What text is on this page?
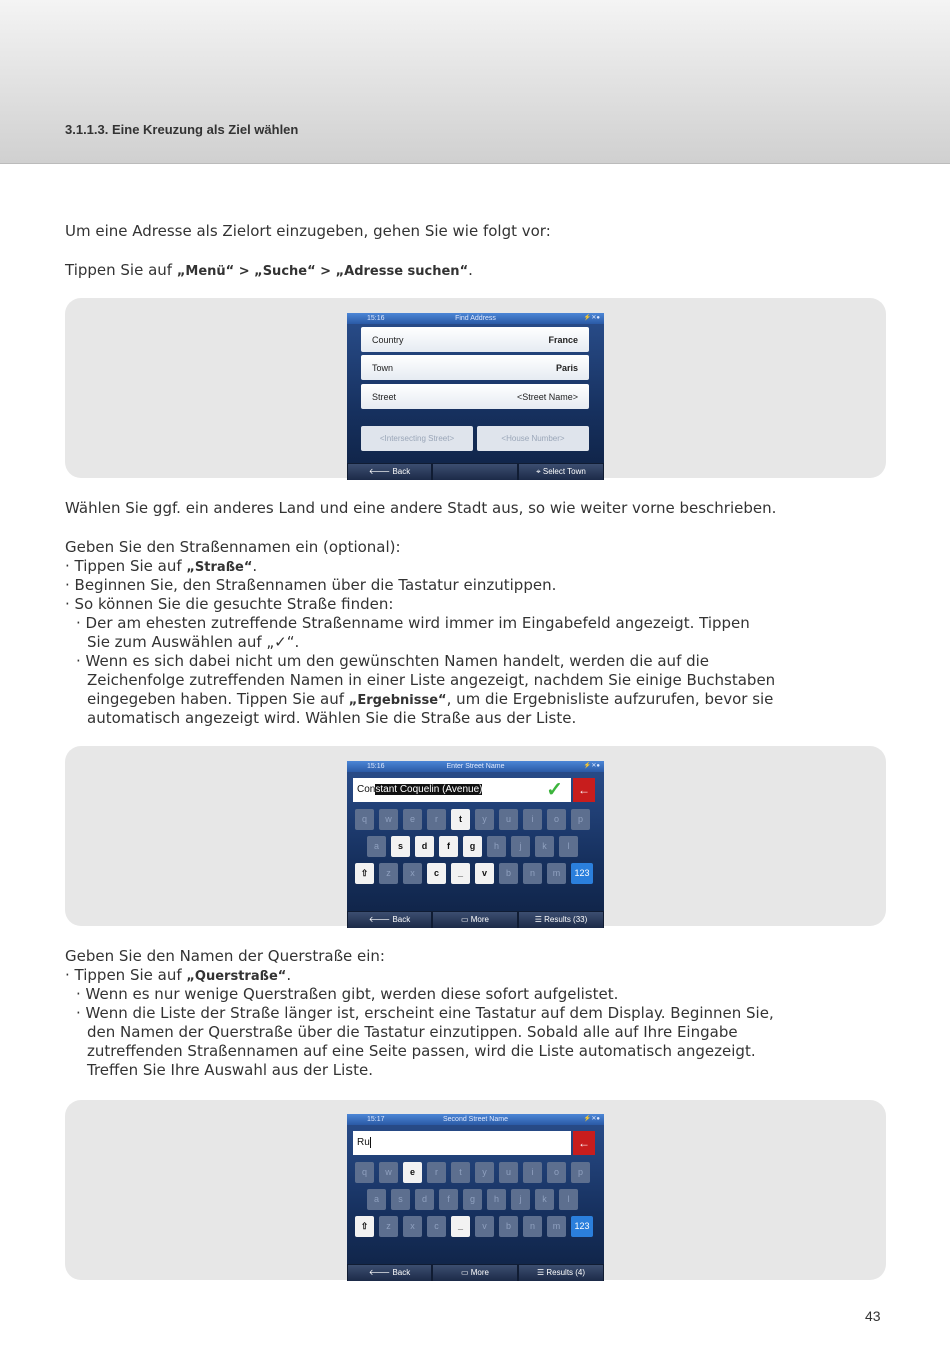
3.1.1.3. Eine Kreuzung als Ziel wählen
Um eine Adresse als Zielort einzugeben, gehen Sie wie folgt vor:
Tippen Sie auf „Menü“ > „Suche“ > „Adresse suchen“.
15:16	Find Address	⚡✕●
Country	France
Town	Paris
Street	<Street Name>
<Intersecting Street>	<House Number>
🡐 Back	⌖ Select Town
Wählen Sie ggf. ein anderes Land und eine andere Stadt aus, so wie weiter vorne beschrieben.
Geben Sie den Straßennamen ein (optional):
· Tippen Sie auf „Straße“.
· Beginnen Sie, den Straßennamen über die Tastatur einzutippen.
· So können Sie die gesuchte Straße finden:
· Der am ehesten zutreffende Straßenname wird immer im Eingabefeld angezeigt. Tippen
Sie zum Auswählen auf „✓“.
· Wenn es sich dabei nicht um den gewünschten Namen handelt, werden die auf die
Zeichenfolge zutreffenden Namen in einer Liste angezeigt, nachdem Sie einige Buchstaben
eingegeben haben. Tippen Sie auf „Ergebnisse“, um die Ergebnisliste aufzurufen, bevor sie
automatisch angezeigt wird. Wählen Sie die Straße aus der Liste.
15:16	Enter Street Name	⚡✕●
Constant Coquelin (Avenue)	✓	←
q	w	e	r	t	y	u	i	o	p
a	s	d	f	g	h	j	k	l
⇧	z	x	c	_	v	b	n	m	123
🡐 Back	▭ More	☰ Results (33)
Geben Sie den Namen der Querstraße ein:
· Tippen Sie auf „Querstraße“.
· Wenn es nur wenige Querstraßen gibt, werden diese sofort aufgelistet.
· Wenn die Liste der Straße länger ist, erscheint eine Tastatur auf dem Display. Beginnen Sie,
den Namen der Querstraße über die Tastatur einzutippen. Sobald alle auf Ihre Eingabe
zutreffenden Straßennamen auf eine Seite passen, wird die Liste automatisch angezeigt.
Treffen Sie Ihre Auswahl aus der Liste.
15:17	Second Street Name	⚡✕●
Ru	←
q	w	e	r	t	y	u	i	o	p
a	s	d	f	g	h	j	k	l
⇧	z	x	c	_	v	b	n	m	123
🡐 Back	▭ More	☰ Results (4)
43
